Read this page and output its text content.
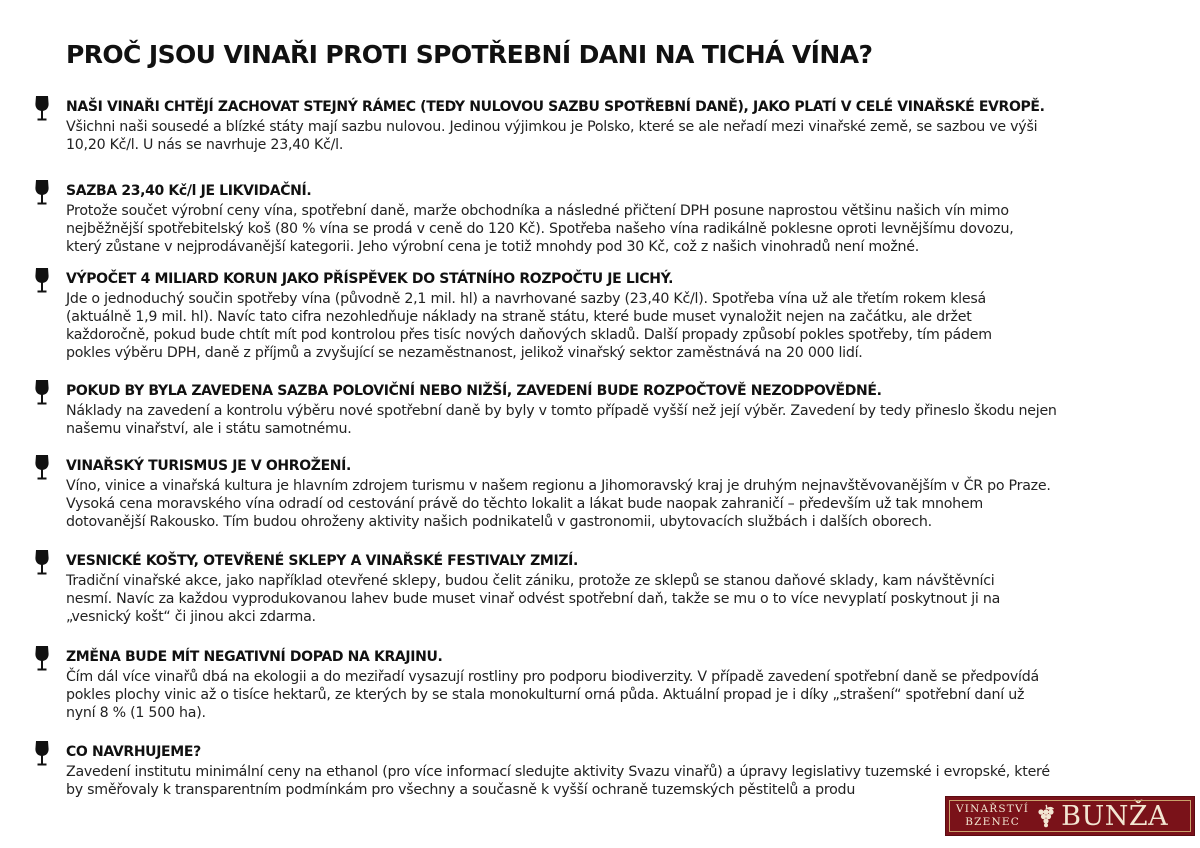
PROČ JSOU VINAŘI PROTI SPOTŘEBNÍ DANI NA TICHÁ VÍNA?
NAŠI VINAŘI CHTĚJÍ ZACHOVAT STEJNÝ RÁMEC (TEDY NULOVOU SAZBU SPOTŘEBNÍ DANĚ), JAKO PLATÍ V CELÉ VINAŘSKÉ EVROPĚ.

Všichni naši sousedé a blízké státy mají sazbu nulovou. Jedinou výjimkou je Polsko, které se ale neřadí mezi vinařské země, se sazbou ve výši
10,20 Kč/l. U nás se navrhuje 23,40 Kč/l.

SAZBA 23,40 Kč/l JE LIKVIDAČNÍ.

Protože součet výrobní ceny vína, spotřební daně, marže obchodníka a následné přičtení DPH posune naprostou většinu našich vín mimo
nejběžnější spotřebitelský koš (80 % vína se prodá v ceně do 120 Kč). Spotřeba našeho vína radikálně poklesne oproti levnějšímu dovozu,
který zůstane v nejprodávanější kategorii. Jeho výrobní cena je totiž mnohdy pod 30 Kč, což z našich vinohradů není možné.

VÝPOČET 4 MILIARD KORUN JAKO PŘÍSPĚVEK DO STÁTNÍHO ROZPOČTU JE LICHÝ.

Jde o jednoduchý součin spotřeby vína (původně 2,1 mil. hl) a navrhované sazby (23,40 Kč/l). Spotřeba vína už ale třetím rokem klesá
(aktuálně 1,9 mil. hl). Navíc tato cifra nezohledňuje náklady na straně státu, které bude muset vynaložit nejen na začátku, ale držet
každoročně, pokud bude chtít mít pod kontrolou přes tisíc nových daňových skladů. Další propady způsobí pokles spotřeby, tím pádem
pokles výběru DPH, daně z příjmů a zvyšující se nezaměstnanost, jelikož vinařský sektor zaměstnává na 20 000 lidí.

POKUD BY BYLA ZAVEDENA SAZBA POLOVIČNÍ NEBO NIŽŠÍ, ZAVEDENÍ BUDE ROZPOČTOVĚ NEZODPOVĚDNÉ.

Náklady na zavedení a kontrolu výběru nové spotřební daně by byly v tomto případě vyšší než její výběr. Zavedení by tedy přineslo škodu nejen
našemu vinařství, ale i státu samotnému.

VINAŘSKÝ TURISMUS JE V OHROŽENÍ.

Víno, vinice a vinařská kultura je hlavním zdrojem turismu v našem regionu a Jihomoravský kraj je druhým nejnavštěvovanějším v ČR po Praze.
Vysoká cena moravského vína odradí od cestování právě do těchto lokalit a lákat bude naopak zahraničí – především už tak mnohem
dotovanější Rakousko. Tím budou ohroženy aktivity našich podnikatelů v gastronomii, ubytovacích službách i dalších oborech.

VESNICKÉ KOŠTY, OTEVŘENÉ SKLEPY A VINAŘSKÉ FESTIVALY ZMIZÍ.

Tradiční vinařské akce, jako například otevřené sklepy, budou čelit zániku, protože ze sklepů se stanou daňové sklady, kam návštěvníci
nesmí. Navíc za každou vyprodukovanou lahev bude muset vinař odvést spotřební daň, takže se mu o to více nevyplatí poskytnout ji na
„vesnický košt“ či jinou akci zdarma.

ZMĚNA BUDE MÍT NEGATIVNÍ DOPAD NA KRAJINU.

Čím dál více vinařů dbá na ekologii a do meziřadí vysazují rostliny pro podporu biodiverzity. V případě zavedení spotřební daně se předpovídá
pokles plochy vinic až o tisíce hektarů, ze kterých by se stala monokulturní orná půda. Aktuální propad je i díky „strašení“ spotřební daní už
nyní 8 % (1 500 ha).

CO NAVRHUJEME?

Zavedení institutu minimální ceny na ethanol (pro více informací sledujte aktivity Svazu vinařů) a úpravy legislativy tuzemské i evropské, které
by směřovaly k transparentním podmínkám pro všechny a současně k vyšší ochraně tuzemských pěstitelů a produ

VINAŘSTVÍ
BZENEC	BUNŽA
